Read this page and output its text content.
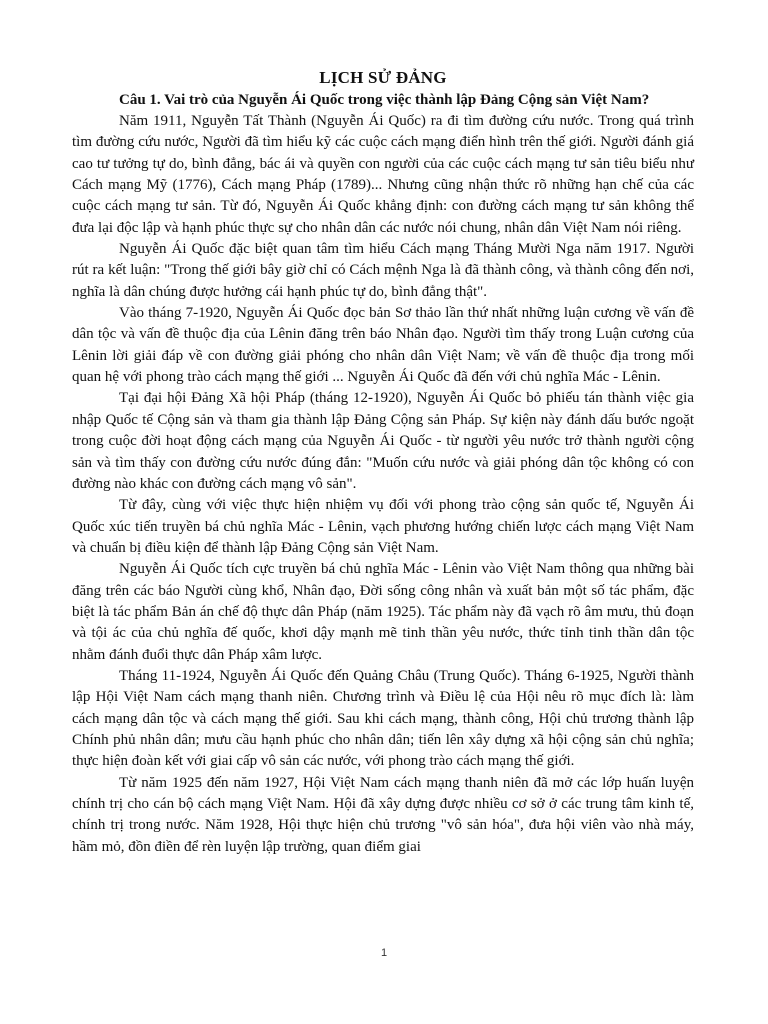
LỊCH SỬ ĐẢNG

Câu 1. Vai trò của Nguyễn Ái Quốc trong việc thành lập Đảng Cộng sản Việt Nam?

Năm 1911, Nguyễn Tất Thành (Nguyễn Ái Quốc) ra đi tìm đường cứu nước. Trong quá trình tìm đường cứu nước, Người đã tìm hiểu kỹ các cuộc cách mạng điển hình trên thế giới. Người đánh giá cao tư tưởng tự do, bình đẳng, bác ái và quyền con người của các cuộc cách mạng tư sản tiêu biểu như Cách mạng Mỹ (1776), Cách mạng Pháp (1789)... Nhưng cũng nhận thức rõ những hạn chế của các cuộc cách mạng tư sản. Từ đó, Nguyễn Ái Quốc khẳng định: con đường cách mạng tư sản không thể đưa lại độc lập và hạnh phúc thực sự cho nhân dân các nước nói chung, nhân dân Việt Nam nói riêng.

Nguyễn Ái Quốc đặc biệt quan tâm tìm hiểu Cách mạng Tháng Mười Nga năm 1917. Người rút ra kết luận: "Trong thế giới bây giờ chỉ có Cách mệnh Nga là đã thành công, và thành công đến nơi, nghĩa là dân chúng được hưởng cái hạnh phúc tự do, bình đẳng thật".

Vào tháng 7-1920, Nguyễn Ái Quốc đọc bản Sơ thảo lần thứ nhất những luận cương về vấn đề dân tộc và vấn đề thuộc địa của Lênin đăng trên báo Nhân đạo. Người tìm thấy trong Luận cương của Lênin lời giải đáp về con đường giải phóng cho nhân dân Việt Nam; về vấn đề thuộc địa trong mối quan hệ với phong trào cách mạng thế giới ... Nguyễn Ái Quốc đã đến với chủ nghĩa Mác - Lênin.

Tại đại hội Đảng Xã hội Pháp (tháng 12-1920), Nguyễn Ái Quốc bỏ phiếu tán thành việc gia nhập Quốc tế Cộng sản và tham gia thành lập Đảng Cộng sản Pháp. Sự kiện này đánh dấu bước ngoặt trong cuộc đời hoạt động cách mạng của Nguyễn Ái Quốc - từ người yêu nước trở thành người cộng sản và tìm thấy con đường cứu nước đúng đắn: "Muốn cứu nước và giải phóng dân tộc không có con đường nào khác con đường cách mạng vô sản".

Từ đây, cùng với việc thực hiện nhiệm vụ đối với phong trào cộng sản quốc tế, Nguyễn Ái Quốc xúc tiến truyền bá chủ nghĩa Mác - Lênin, vạch phương hướng chiến lược cách mạng Việt Nam và chuẩn bị điều kiện để thành lập Đảng Cộng sản Việt Nam.

Nguyễn Ái Quốc tích cực truyền bá chủ nghĩa Mác - Lênin vào Việt Nam thông qua những bài đăng trên các báo Người cùng khổ, Nhân đạo, Đời sống công nhân và xuất bản một số tác phẩm, đặc biệt là tác phẩm Bản án chế độ thực dân Pháp (năm 1925). Tác phẩm này đã vạch rõ âm mưu, thủ đoạn và tội ác của chủ nghĩa đế quốc, khơi dậy mạnh mẽ tinh thần yêu nước, thức tỉnh tinh thần dân tộc nhằm đánh đuổi thực dân Pháp xâm lược.

Tháng 11-1924, Nguyễn Ái Quốc đến Quảng Châu (Trung Quốc). Tháng 6-1925, Người thành lập Hội Việt Nam cách mạng thanh niên. Chương trình và Điều lệ của Hội nêu rõ mục đích là: làm cách mạng dân tộc và cách mạng thế giới. Sau khi cách mạng, thành công, Hội chủ trương thành lập Chính phủ nhân dân; mưu cầu hạnh phúc cho nhân dân; tiến lên xây dựng xã hội cộng sản chủ nghĩa; thực hiện đoàn kết với giai cấp vô sản các nước, với phong trào cách mạng thế giới.

Từ năm 1925 đến năm 1927, Hội Việt Nam cách mạng thanh niên đã mở các lớp huấn luyện chính trị cho cán bộ cách mạng Việt Nam. Hội đã xây dựng được nhiều cơ sở ở các trung tâm kinh tế, chính trị trong nước. Năm 1928, Hội thực hiện chủ trương "vô sản hóa", đưa hội viên vào nhà máy, hầm mỏ, đồn điền để rèn luyện lập trường, quan điểm giai

1
